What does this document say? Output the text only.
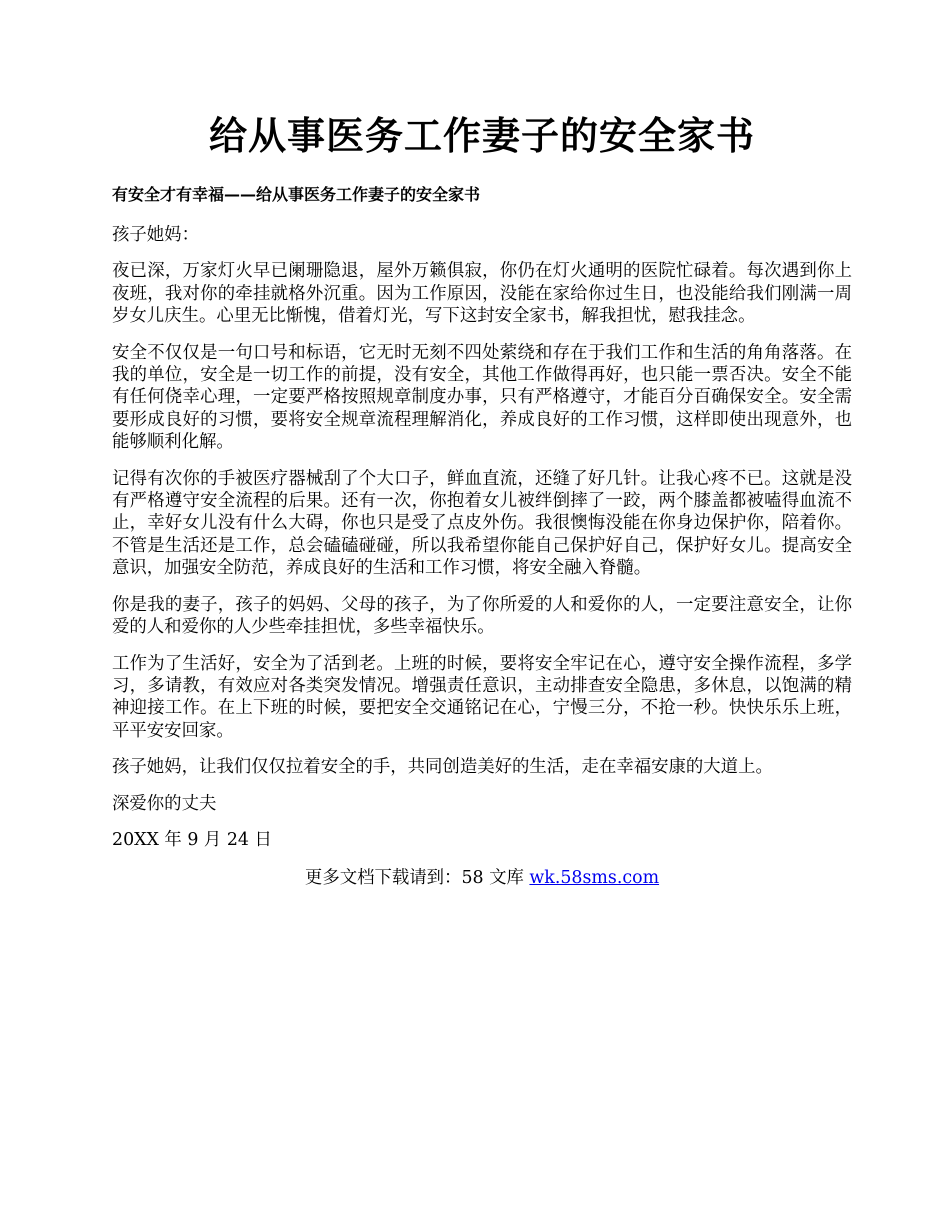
给从事医务工作妻子的安全家书

有安全才有幸福——给从事医务工作妻子的安全家书

孩子她妈：

夜已深，万家灯火早已阑珊隐退，屋外万籁俱寂，你仍在灯火通明的医院忙碌着。每次遇到你上夜班，我对你的牵挂就格外沉重。因为工作原因，没能在家给你过生日，也没能给我们刚满一周岁女儿庆生。心里无比惭愧，借着灯光，写下这封安全家书，解我担忧，慰我挂念。

安全不仅仅是一句口号和标语，它无时无刻不四处萦绕和存在于我们工作和生活的角角落落。在我的单位，安全是一切工作的前提，没有安全，其他工作做得再好，也只能一票否决。安全不能有任何侥幸心理，一定要严格按照规章制度办事，只有严格遵守，才能百分百确保安全。安全需要形成良好的习惯，要将安全规章流程理解消化，养成良好的工作习惯，这样即使出现意外，也能够顺利化解。

记得有次你的手被医疗器械刮了个大口子，鲜血直流，还缝了好几针。让我心疼不已。这就是没有严格遵守安全流程的后果。还有一次，你抱着女儿被绊倒摔了一跤，两个膝盖都被嗑得血流不止，幸好女儿没有什么大碍，你也只是受了点皮外伤。我很懊悔没能在你身边保护你，陪着你。不管是生活还是工作，总会磕磕碰碰，所以我希望你能自己保护好自己，保护好女儿。提高安全意识，加强安全防范，养成良好的生活和工作习惯，将安全融入脊髓。

你是我的妻子，孩子的妈妈、父母的孩子，为了你所爱的人和爱你的人，一定要注意安全，让你爱的人和爱你的人少些牵挂担忧，多些幸福快乐。

工作为了生活好，安全为了活到老。上班的时候，要将安全牢记在心，遵守安全操作流程，多学习，多请教，有效应对各类突发情况。增强责任意识，主动排查安全隐患，多休息，以饱满的精神迎接工作。在上下班的时候，要把安全交通铭记在心，宁慢三分，不抢一秒。快快乐乐上班，平平安安回家。

孩子她妈，让我们仅仅拉着安全的手，共同创造美好的生活，走在幸福安康的大道上。

深爱你的丈夫

20XX 年 9 月 24 日

更多文档下载请到：58 文库 wk.58sms.com
